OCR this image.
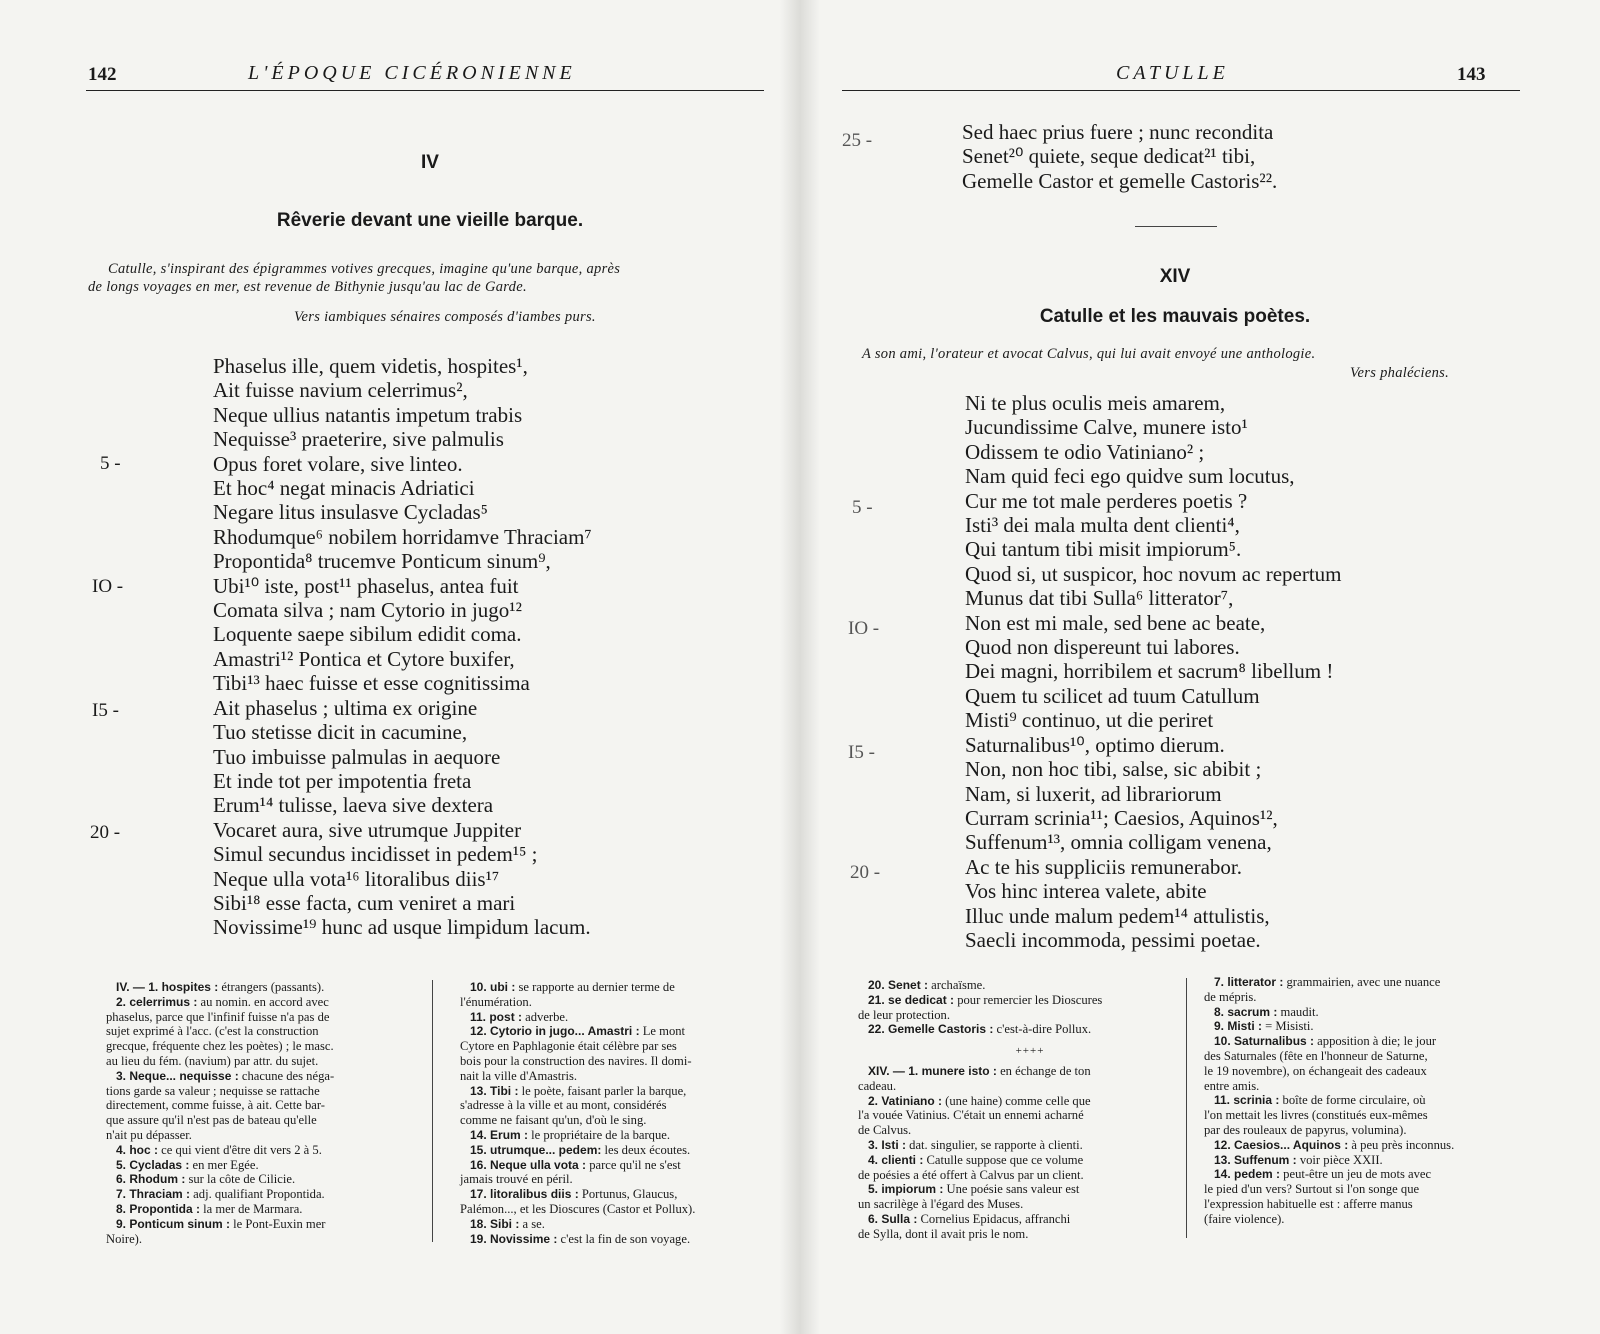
142	L'ÉPOQUE CICÉRONIENNE
IV
Rêverie devant une vieille barque.
Catulle, s'inspirant des épigrammes votives grecques, imagine qu'une barque, après
de longs voyages en mer, est revenue de Bithynie jusqu'au lac de Garde.
Vers iambiques sénaires composés d'iambes purs.
Phaselus ille, quem videtis, hospites¹,
Ait fuisse navium celerrimus²,
Neque ullius natantis impetum trabis
Nequisse³ praeterire, sive palmulis
Opus foret volare, sive linteo.
Et hoc⁴ negat minacis Adriatici
Negare litus insulasve Cycladas⁵
Rhodumque⁶ nobilem horridamve Thraciam⁷
Propontida⁸ trucemve Ponticum sinum⁹,
Ubi¹⁰ iste, post¹¹ phaselus, antea fuit
Comata silva ; nam Cytorio in jugo¹²
Loquente saepe sibilum edidit coma.
Amastri¹² Pontica et Cytore buxifer,
Tibi¹³ haec fuisse et esse cognitissima
Ait phaselus ; ultima ex origine
Tuo stetisse dicit in cacumine,
Tuo imbuisse palmulas in aequore
Et inde tot per impotentia freta
Erum¹⁴ tulisse, laeva sive dextera
Vocaret aura, sive utrumque Juppiter
Simul secundus incidisset in pedem¹⁵ ;
Neque ulla vota¹⁶ litoralibus diis¹⁷
Sibi¹⁸ esse facta, cum veniret a mari
Novissime¹⁹ hunc ad usque limpidum lacum.
5 -
IO -
I5 -
20 -
IV. — 1. hospites : étrangers (passants).
2. celerrimus : au nomin. en accord avec
phaselus, parce que l'infinif fuisse n'a pas de
sujet exprimé à l'acc. (c'est la construction
grecque, fréquente chez les poètes) ; le masc.
au lieu du fém. (navium) par attr. du sujet.
3. Neque... nequisse : chacune des néga-
tions garde sa valeur ; nequisse se rattache
directement, comme fuisse, à ait. Cette bar-
que assure qu'il n'est pas de bateau qu'elle
n'ait pu dépasser.
4. hoc : ce qui vient d'être dit vers 2 à 5.
5. Cycladas : en mer Egée.
6. Rhodum : sur la côte de Cilicie.
7. Thraciam : adj. qualifiant Propontida.
8. Propontida : la mer de Marmara.
9. Ponticum sinum : le Pont-Euxin mer
Noire).
10. ubi : se rapporte au dernier terme de
l'énumération.
11. post : adverbe.
12. Cytorio in jugo... Amastri : Le mont
Cytore en Paphlagonie était célèbre par ses
bois pour la construction des navires. Il domi-
nait la ville d'Amastris.
13. Tibi : le poète, faisant parler la barque,
s'adresse à la ville et au mont, considérés
comme ne faisant qu'un, d'où le sing.
14. Erum : le propriétaire de la barque.
15. utrumque... pedem: les deux écoutes.
16. Neque ulla vota : parce qu'il ne s'est
jamais trouvé en péril.
17. litoralibus diis : Portunus, Glaucus,
Palémon..., et les Dioscures (Castor et Pollux).
18. Sibi : a se.
19. Novissime : c'est la fin de son voyage.
CATULLE	143
25 -	Sed haec prius fuere ; nunc recondita
Senet²⁰ quiete, seque dedicat²¹ tibi,
Gemelle Castor et gemelle Castoris²².
XIV
Catulle et les mauvais poètes.
A son ami, l'orateur et avocat Calvus, qui lui avait envoyé une anthologie.
Vers phaléciens.
Ni te plus oculis meis amarem,
Jucundissime Calve, munere isto¹
Odissem te odio Vatiniano² ;
Nam quid feci ego quidve sum locutus,
Cur me tot male perderes poetis ?
Isti³ dei mala multa dent clienti⁴,
Qui tantum tibi misit impiorum⁵.
Quod si, ut suspicor, hoc novum ac repertum
Munus dat tibi Sulla⁶ litterator⁷,
Non est mi male, sed bene ac beate,
Quod non dispereunt tui labores.
Dei magni, horribilem et sacrum⁸ libellum !
Quem tu scilicet ad tuum Catullum
Misti⁹ continuo, ut die periret
Saturnalibus¹⁰, optimo dierum.
Non, non hoc tibi, salse, sic abibit ;
Nam, si luxerit, ad librariorum
Curram scrinia¹¹; Caesios, Aquinos¹²,
Suffenum¹³, omnia colligam venena,
Ac te his suppliciis remunerabor.
Vos hinc interea valete, abite
Illuc unde malum pedem¹⁴ attulistis,
Saecli incommoda, pessimi poetae.
5 -
IO -
I5 -
20 -
20. Senet : archaïsme.
21. se dedicat : pour remercier les Dioscures
de leur protection.
22. Gemelle Castoris : c'est-à-dire Pollux.
++++
XIV. — 1. munere isto : en échange de ton
cadeau.
2. Vatiniano : (une haine) comme celle que
l'a vouée Vatinius. C'était un ennemi acharné
de Calvus.
3. Isti : dat. singulier, se rapporte à clienti.
4. clienti : Catulle suppose que ce volume
de poésies a été offert à Calvus par un client.
5. impiorum : Une poésie sans valeur est
un sacrilège à l'égard des Muses.
6. Sulla : Cornelius Epidacus, affranchi
de Sylla, dont il avait pris le nom.
7. litterator : grammairien, avec une nuance
de mépris.
8. sacrum : maudit.
9. Misti : = Misisti.
10. Saturnalibus : apposition à die; le jour
des Saturnales (fête en l'honneur de Saturne,
le 19 novembre), on échangeait des cadeaux
entre amis.
11. scrinia : boîte de forme circulaire, où
l'on mettait les livres (constitués eux-mêmes
par des rouleaux de papyrus, volumina).
12. Caesios... Aquinos : à peu près inconnus.
13. Suffenum : voir pièce XXII.
14. pedem : peut-être un jeu de mots avec
le pied d'un vers? Surtout si l'on songe que
l'expression habituelle est : afferre manus
(faire violence).
